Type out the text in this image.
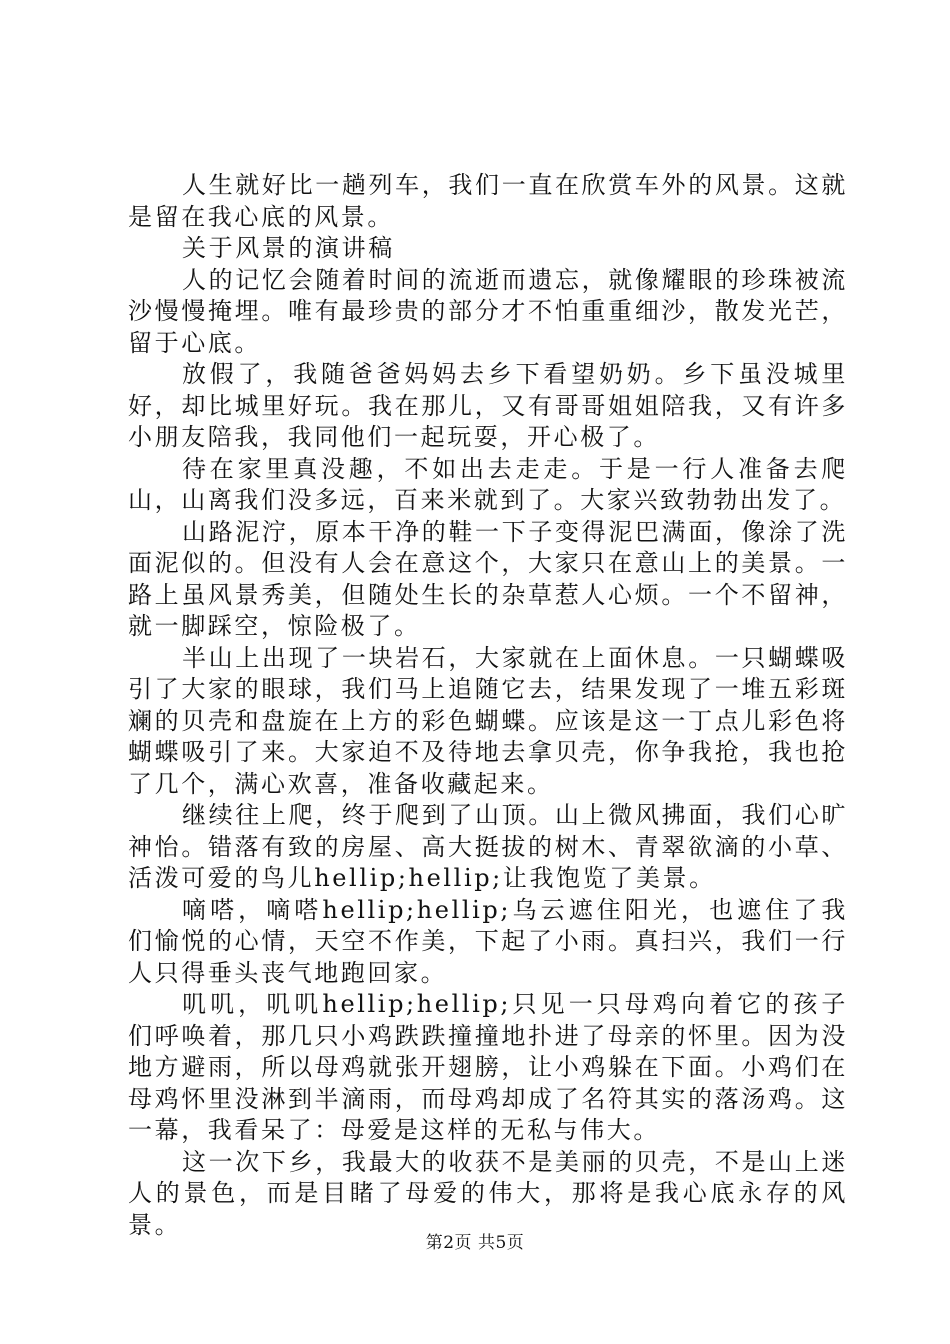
人生就好比一趟列车，我们一直在欣赏车外的风景。这就是留在我心底的风景。

关于风景的演讲稿

人的记忆会随着时间的流逝而遗忘，就像耀眼的珍珠被流沙慢慢掩埋。唯有最珍贵的部分才不怕重重细沙，散发光芒，留于心底。

放假了，我随爸爸妈妈去乡下看望奶奶。乡下虽没城里好，却比城里好玩。我在那儿，又有哥哥姐姐陪我，又有许多小朋友陪我，我同他们一起玩耍，开心极了。

待在家里真没趣，不如出去走走。于是一行人准备去爬山，山离我们没多远，百来米就到了。大家兴致勃勃出发了。

山路泥泞，原本干净的鞋一下子变得泥巴满面，像涂了洗面泥似的。但没有人会在意这个，大家只在意山上的美景。一路上虽风景秀美，但随处生长的杂草惹人心烦。一个不留神，就一脚踩空，惊险极了。

半山上出现了一块岩石，大家就在上面休息。一只蝴蝶吸引了大家的眼球，我们马上追随它去，结果发现了一堆五彩斑斓的贝壳和盘旋在上方的彩色蝴蝶。应该是这一丁点儿彩色将蝴蝶吸引了来。大家迫不及待地去拿贝壳，你争我抢，我也抢了几个，满心欢喜，准备收藏起来。

继续往上爬，终于爬到了山顶。山上微风拂面，我们心旷神怡。错落有致的房屋、高大挺拔的树木、青翠欲滴的小草、活泼可爱的鸟儿hellip;hellip;让我饱览了美景。

嘀嗒，嘀嗒hellip;hellip;乌云遮住阳光，也遮住了我们愉悦的心情，天空不作美，下起了小雨。真扫兴，我们一行人只得垂头丧气地跑回家。

叽叽，叽叽hellip;hellip;只见一只母鸡向着它的孩子们呼唤着，那几只小鸡跌跌撞撞地扑进了母亲的怀里。因为没地方避雨，所以母鸡就张开翅膀，让小鸡躲在下面。小鸡们在母鸡怀里没淋到半滴雨，而母鸡却成了名符其实的落汤鸡。这一幕，我看呆了：母爱是这样的无私与伟大。

这一次下乡，我最大的收获不是美丽的贝壳，不是山上迷人的景色，而是目睹了母爱的伟大，那将是我心底永存的风景。

第2页 共5页
